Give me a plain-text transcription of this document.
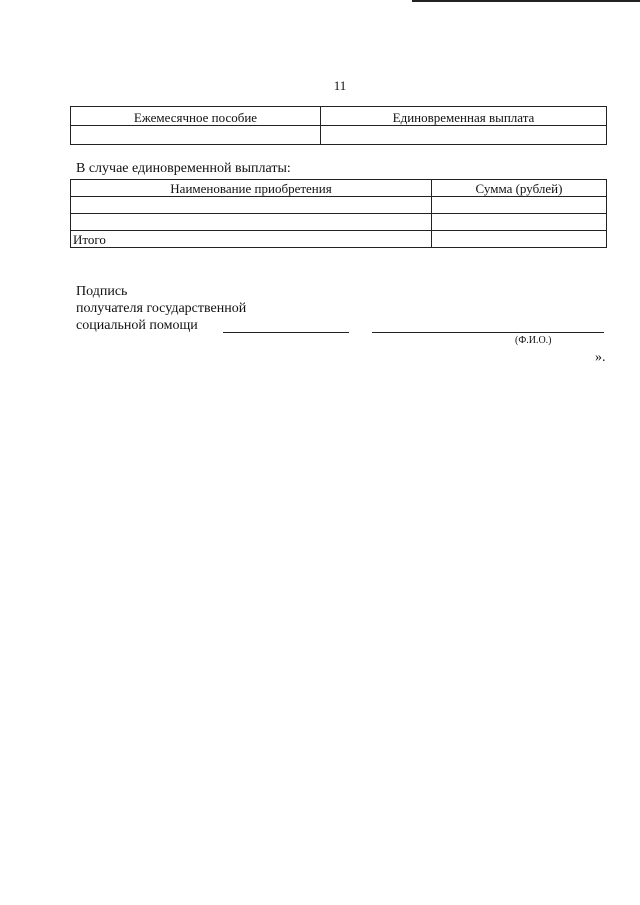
11
Ежемесячное пособие	Единовременная выплата

В случае единовременной выплаты:
Наименование приобретения	Сумма (рублей)

Итого	
Подпись
получателя государственной
социальной помощи
(Ф.И.О.)
».
